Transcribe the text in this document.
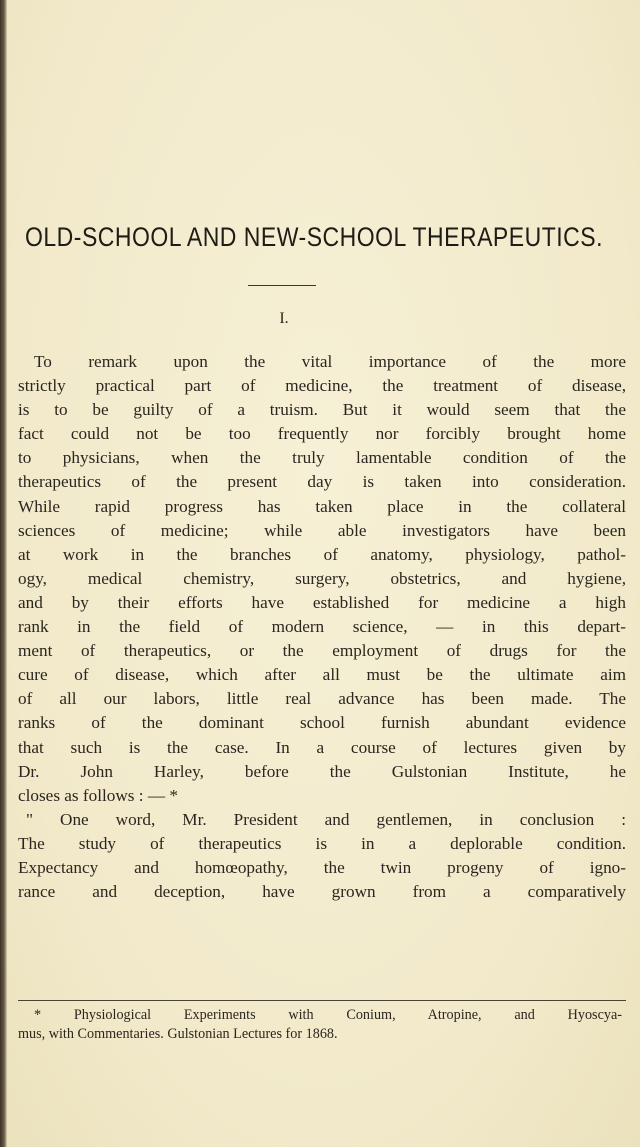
OLD-SCHOOL AND NEW-SCHOOL THERAPEUTICS.
I.
To remark upon the vital importance of the more
strictly practical part of medicine, the treatment of disease,
is to be guilty of a truism. But it would seem that the
fact could not be too frequently nor forcibly brought home
to physicians, when the truly lamentable condition of the
therapeutics of the present day is taken into consideration.
While rapid progress has taken place in the collateral
sciences of medicine; while able investigators have been
at work in the branches of anatomy, physiology, pathol-
ogy, medical chemistry, surgery, obstetrics, and hygiene,
and by their efforts have established for medicine a high
rank in the field of modern science, — in this depart-
ment of therapeutics, or the employment of drugs for the
cure of disease, which after all must be the ultimate aim
of all our labors, little real advance has been made. The
ranks of the dominant school furnish abundant evidence
that such is the case. In a course of lectures given by
Dr. John Harley, before the Gulstonian Institute, he
closes as follows : — *
" One word, Mr. President and gentlemen, in conclusion :
The study of therapeutics is in a deplorable condition.
Expectancy and homœopathy, the twin progeny of igno-
rance and deception, have grown from a comparatively
* Physiological Experiments with Conium, Atropine, and Hyoscya-
mus, with Commentaries. Gulstonian Lectures for 1868.
